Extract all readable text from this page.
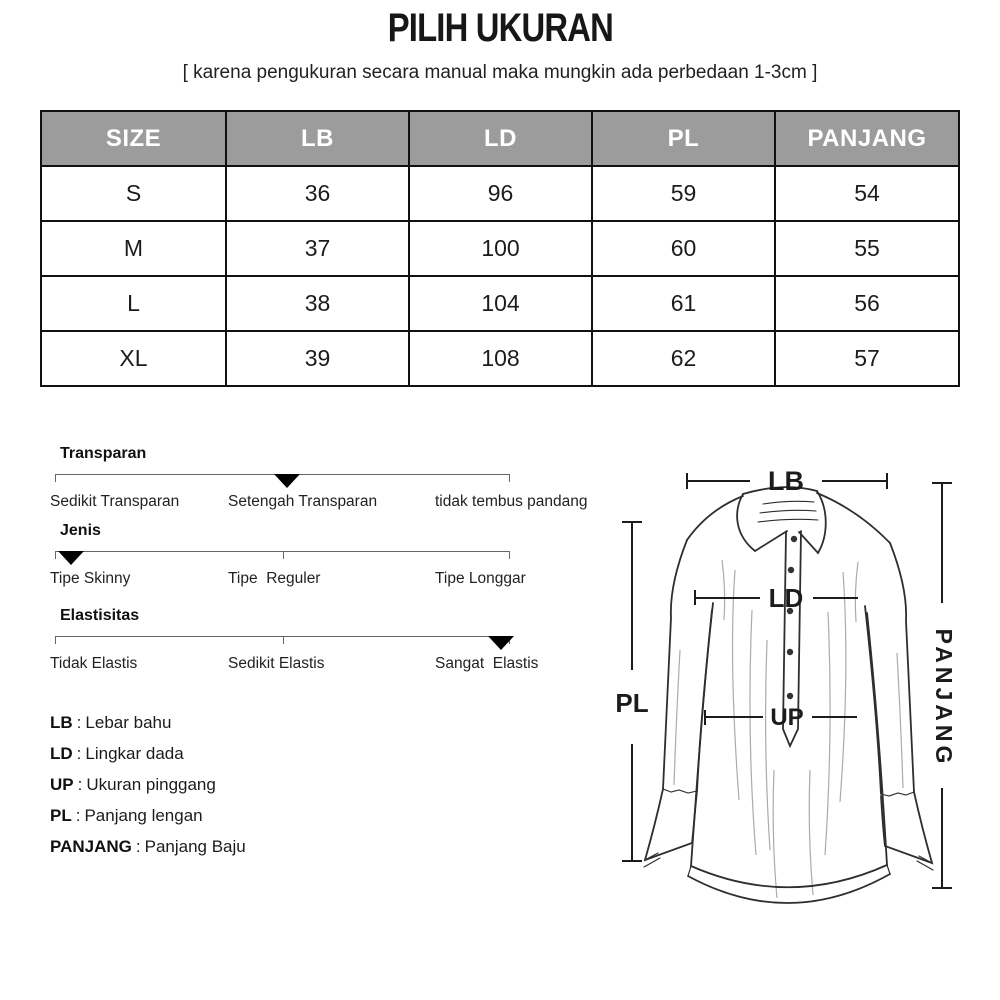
PILIH UKURAN
[ karena pengukuran secara manual maka mungkin ada perbedaan 1-3cm ]
SIZE	LB	LD	PL	PANJANG
S	36	96	59	54
M	37	100	60	55
L	38	104	61	56
XL	39	108	62	57
Transparan
Sedikit Transparan	Setengah Transparan	tidak tembus pandang
Jenis
Tipe Skinny	Tipe  Reguler	Tipe Longgar
Elastisitas
Tidak Elastis	Sedikit Elastis	Sangat  Elastis
LB : Lebar bahu
LD : Lingkar dada
UP : Ukuran pinggang
PL : Panjang lengan
PANJANG : Panjang Baju
LB
LD
UP
PL	PANJANG
